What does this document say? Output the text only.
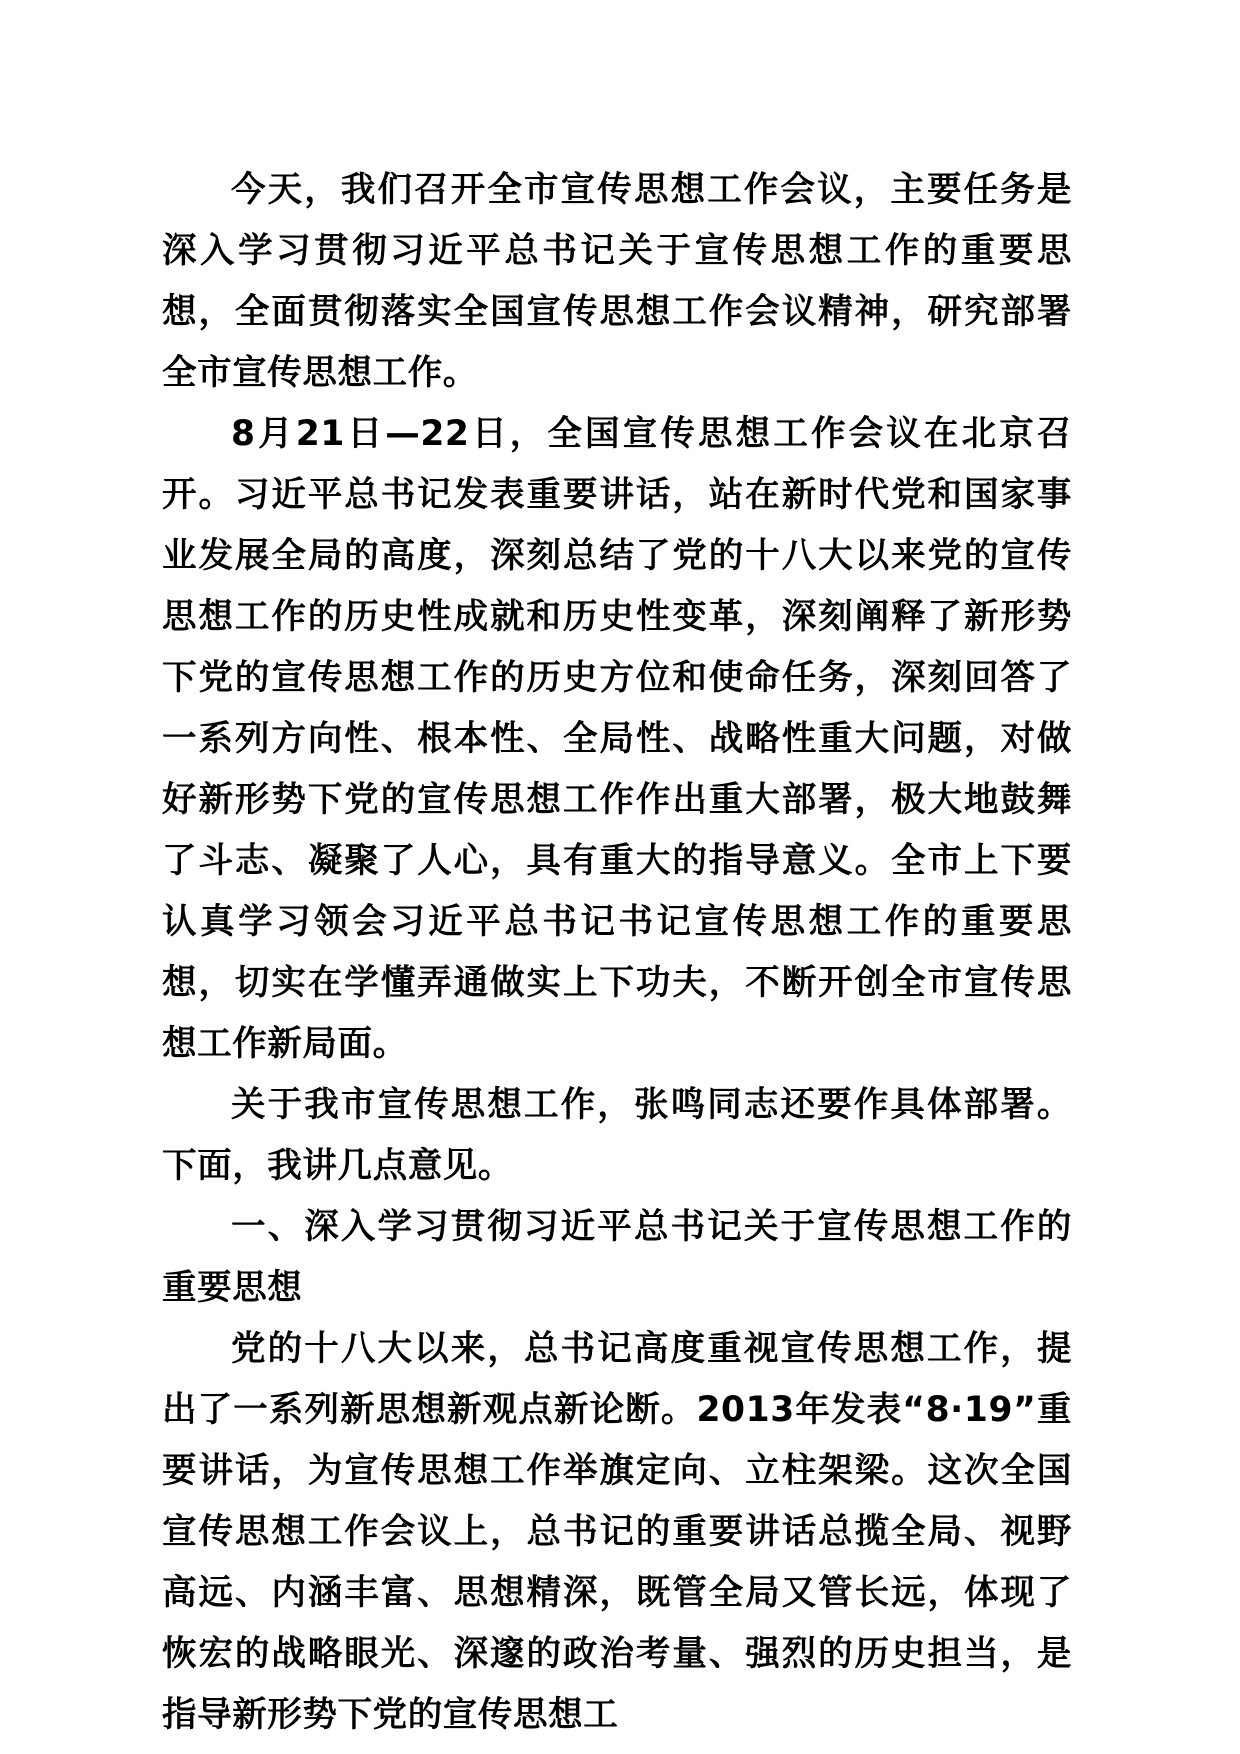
今天，我们召开全市宣传思想工作会议，主要任务是深入学习贯彻习近平总书记关于宣传思想工作的重要思想，全面贯彻落实全国宣传思想工作会议精神，研究部署全市宣传思想工作。

8月21日—22日，全国宣传思想工作会议在北京召开。习近平总书记发表重要讲话，站在新时代党和国家事业发展全局的高度，深刻总结了党的十八大以来党的宣传思想工作的历史性成就和历史性变革，深刻阐释了新形势下党的宣传思想工作的历史方位和使命任务，深刻回答了一系列方向性、根本性、全局性、战略性重大问题，对做好新形势下党的宣传思想工作作出重大部署，极大地鼓舞了斗志、凝聚了人心，具有重大的指导意义。全市上下要认真学习领会习近平总书记书记宣传思想工作的重要思想，切实在学懂弄通做实上下功夫，不断开创全市宣传思想工作新局面。

关于我市宣传思想工作，张鸣同志还要作具体部署。下面，我讲几点意见。

一、深入学习贯彻习近平总书记关于宣传思想工作的重要思想

党的十八大以来，总书记高度重视宣传思想工作，提出了一系列新思想新观点新论断。2013年发表“8·19”重要讲话，为宣传思想工作举旗定向、立柱架梁。这次全国宣传思想工作会议上，总书记的重要讲话总揽全局、视野高远、内涵丰富、思想精深，既管全局又管长远，体现了恢宏的战略眼光、深邃的政治考量、强烈的历史担当，是指导新形势下党的宣传思想工
